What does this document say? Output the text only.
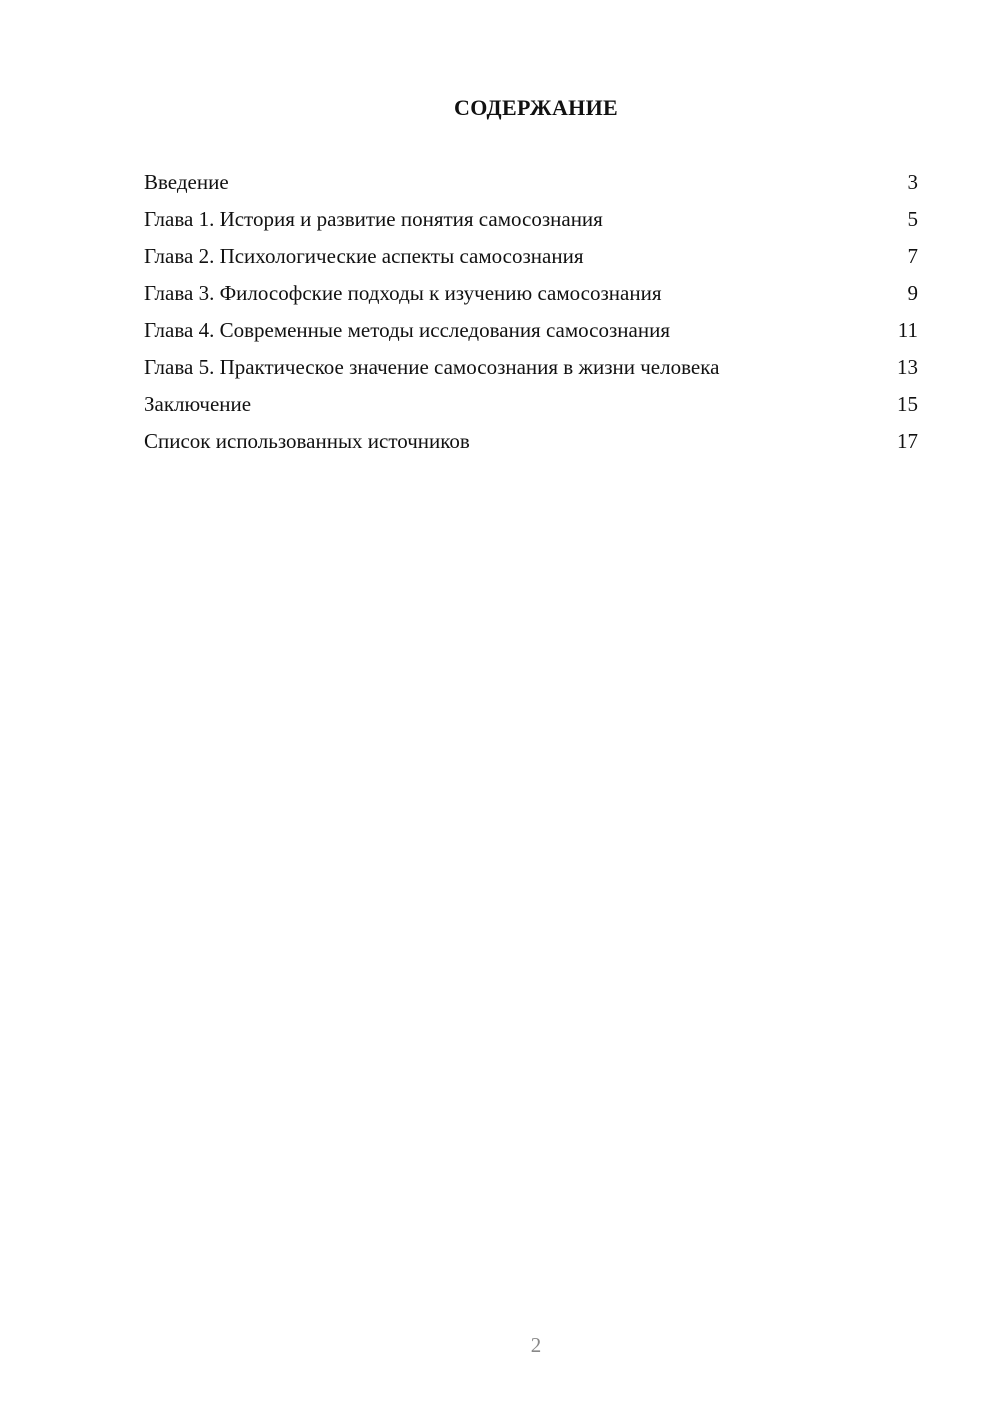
СОДЕРЖАНИЕ
Введение	3
Глава 1. История и развитие понятия самосознания	5
Глава 2. Психологические аспекты самосознания	7
Глава 3. Философские подходы к изучению самосознания	9
Глава 4. Современные методы исследования самосознания	11
Глава 5. Практическое значение самосознания в жизни человека	13
Заключение	15
Список использованных источников	17
2
